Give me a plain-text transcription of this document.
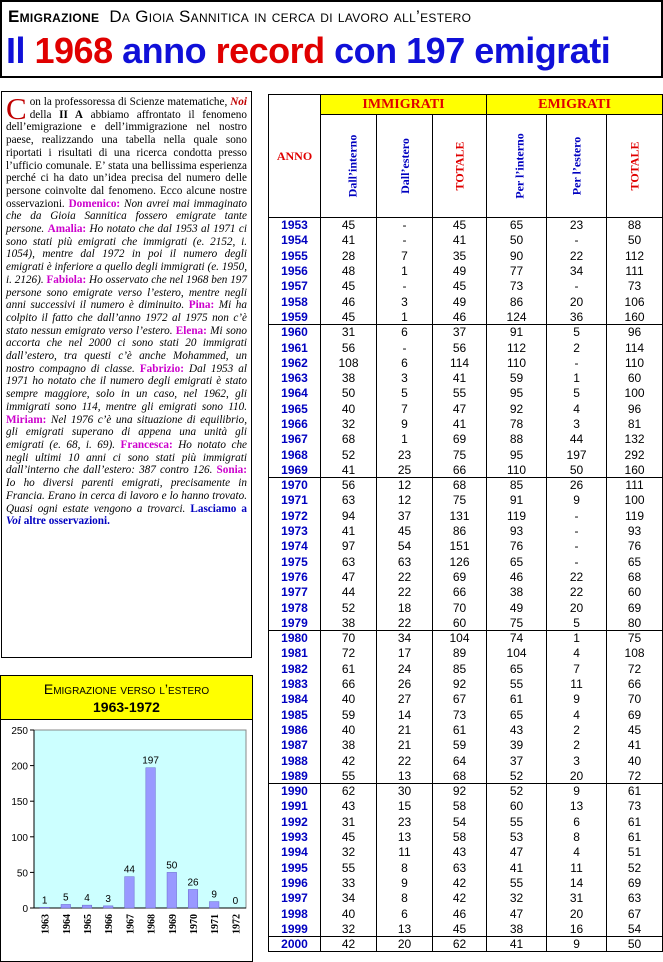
Emigrazione Da Gioia Sannitica in cerca di lavoro all’estero
Il 1968 anno record con 197 emigrati
Con la professoressa di Scienze matematiche, Noi della II A abbiamo affrontato il fenomeno dell’emigrazione e dell’immigrazione nel nostro paese, realizzando una tabella nella quale sono riportati i risultati di una ricerca condotta presso l’ufficio comunale. E’ stata una bellissima esperienza perché ci ha dato un’idea precisa del numero delle persone coinvolte dal fenomeno. Ecco alcune nostre osservazioni. Domenico: Non avrei mai immaginato che da Gioia Sannitica fossero emigrate tante persone. Amalia: Ho notato che dal 1953 al 1971 ci sono stati più emigrati che immigrati (e. 2152, i. 1054), mentre dal 1972 in poi il numero degli emigrati è inferiore a quello degli immigrati (e. 1950, i. 2126). Fabiola: Ho osservato che nel 1968 ben 197 persone sono emigrate verso l’estero, mentre negli anni successivi il numero è diminuito. Pina: Mi ha colpito il fatto che dall’anno 1972 al 1975 non c’è stato nessun emigrato verso l’estero. Elena: Mi sono accorta che nel 2000 ci sono stati 20 immigrati dall’estero, tra questi c’è anche Mohammed, un nostro compagno di classe. Fabrizio: Dal 1953 al 1971 ho notato che il numero degli emigrati è stato sempre maggiore, solo in un caso, nel 1962, gli immigrati sono 114, mentre gli emigrati sono 110. Miriam: Nel 1976 c’è una situazione di equilibrio, gli emigrati superano di appena una unità gli emigrati (e. 68, i. 69). Francesca: Ho notato che negli ultimi 10 anni ci sono stati più immigrati dall’interno che dall’estero: 387 contro 126. Sonia: Io ho diversi parenti emigrati, precisamente in Francia. Erano in cerca di lavoro e lo hanno trovato. Quasi ogni estate vengono a trovarci. Lasciamo a Voi altre osservazioni.
Emigrazione verso l’estero
1963-1972
0
50
100
150
200
250
1
1963
5
1964
4
1965
3
1966
44
1967
197
1968
50
1969
26
1970
9
1971
0
1972
ANNO	IMMIGRATI			EMIGRATI		
	Dall’interno	Dall’estero	TOTALE	Per l’interno	Per l’estero	TOTALE
1953	45	-	45	65	23	88
1954	41	-	41	50	-	50
1955	28	7	35	90	22	112
1956	48	1	49	77	34	111
1957	45	-	45	73	-	73
1958	46	3	49	86	20	106
1959	45	1	46	124	36	160
1960	31	6	37	91	5	96
1961	56	-	56	112	2	114
1962	108	6	114	110	-	110
1963	38	3	41	59	1	60
1964	50	5	55	95	5	100
1965	40	7	47	92	4	96
1966	32	9	41	78	3	81
1967	68	1	69	88	44	132
1968	52	23	75	95	197	292
1969	41	25	66	110	50	160
1970	56	12	68	85	26	111
1971	63	12	75	91	9	100
1972	94	37	131	119	-	119
1973	41	45	86	93	-	93
1974	97	54	151	76	-	76
1975	63	63	126	65	-	65
1976	47	22	69	46	22	68
1977	44	22	66	38	22	60
1978	52	18	70	49	20	69
1979	38	22	60	75	5	80
1980	70	34	104	74	1	75
1981	72	17	89	104	4	108
1982	61	24	85	65	7	72
1983	66	26	92	55	11	66
1984	40	27	67	61	9	70
1985	59	14	73	65	4	69
1986	40	21	61	43	2	45
1987	38	21	59	39	2	41
1988	42	22	64	37	3	40
1989	55	13	68	52	20	72
1990	62	30	92	52	9	61
1991	43	15	58	60	13	73
1992	31	23	54	55	6	61
1993	45	13	58	53	8	61
1994	32	11	43	47	4	51
1995	55	8	63	41	11	52
1996	33	9	42	55	14	69
1997	34	8	42	32	31	63
1998	40	6	46	47	20	67
1999	32	13	45	38	16	54
2000	42	20	62	41	9	50
